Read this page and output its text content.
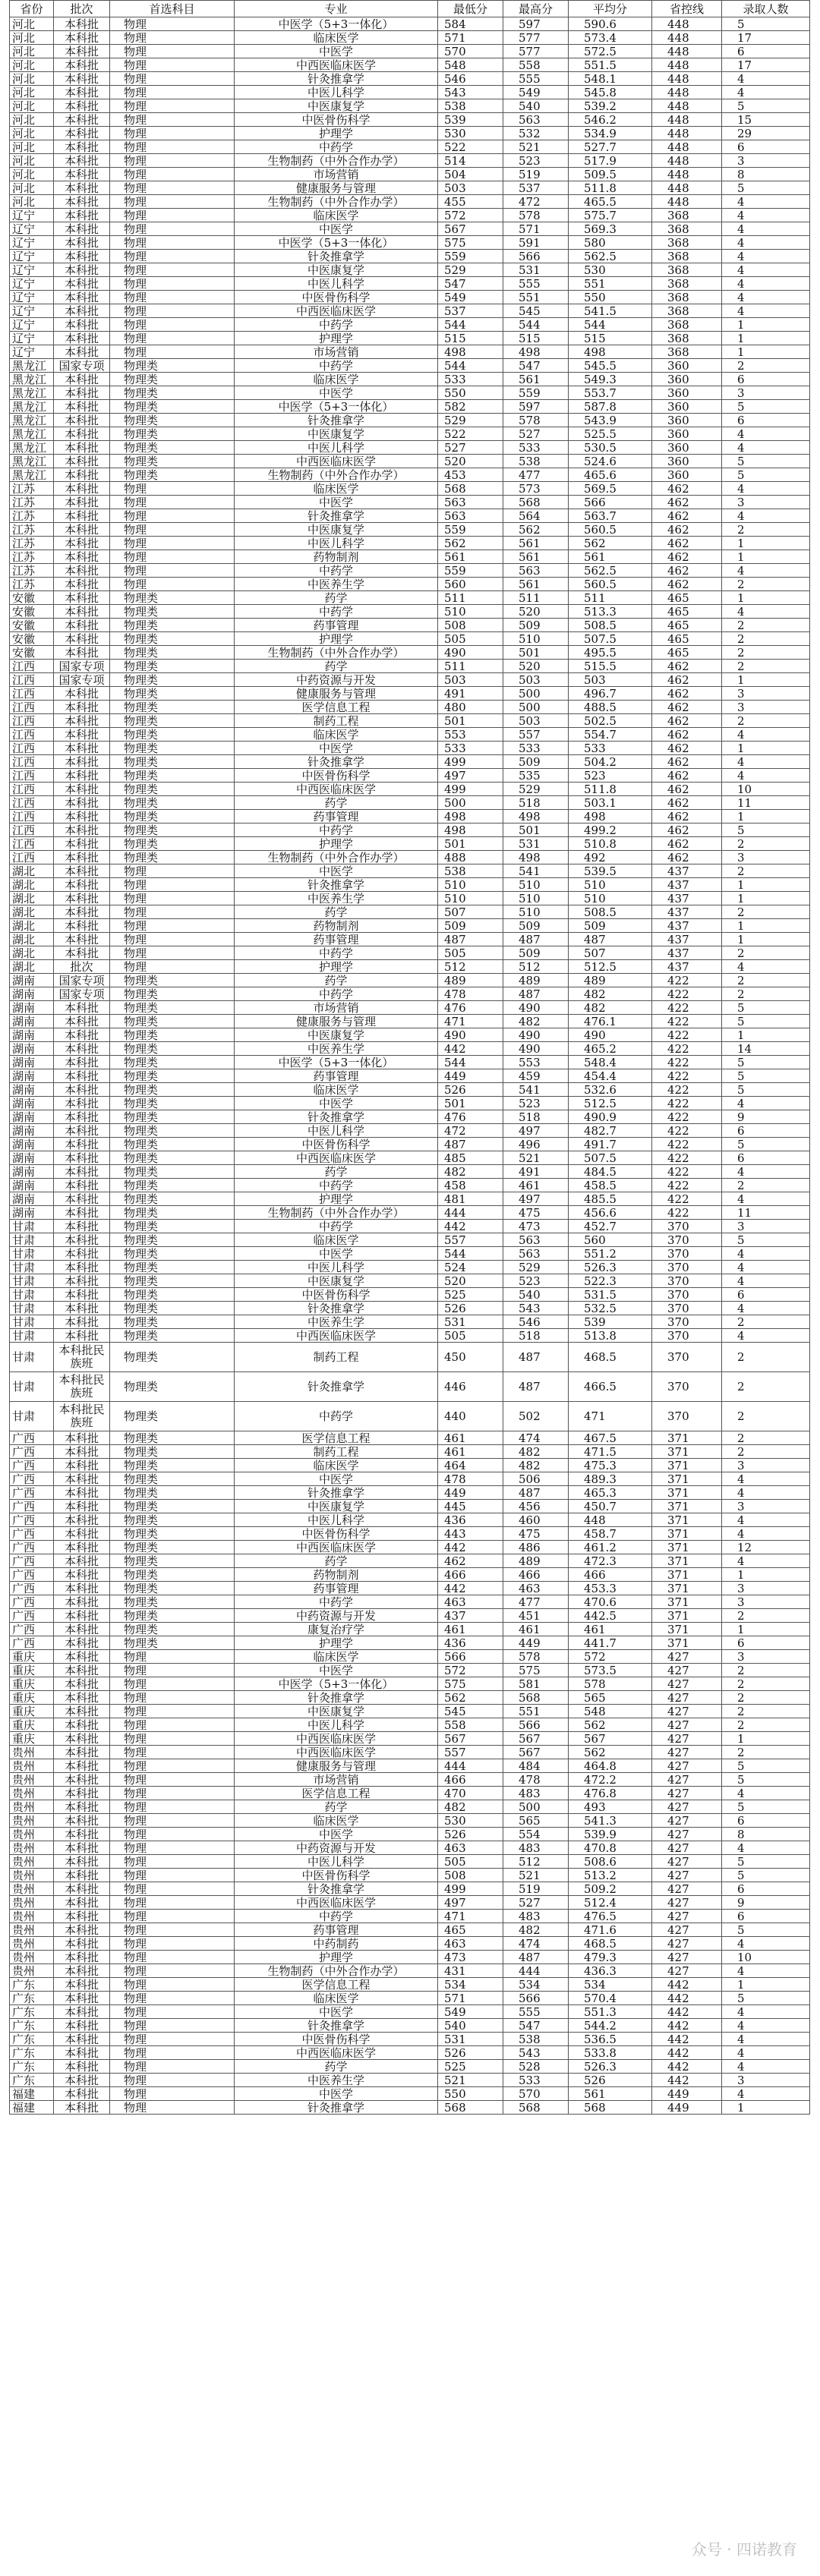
省份	批次	首选科目	专业	最低分	最高分	平均分	省控线	录取人数
河北	本科批	物理	中医学（5+3一体化）	584	597	590.6	448	5
河北	本科批	物理	临床医学	571	577	573.4	448	17
河北	本科批	物理	中医学	570	577	572.5	448	6
河北	本科批	物理	中西医临床医学	548	558	551.5	448	17
河北	本科批	物理	针灸推拿学	546	555	548.1	448	4
河北	本科批	物理	中医儿科学	543	549	545.8	448	4
河北	本科批	物理	中医康复学	538	540	539.2	448	5
河北	本科批	物理	中医骨伤科学	539	563	546.2	448	15
河北	本科批	物理	护理学	530	532	534.9	448	29
河北	本科批	物理	中药学	522	521	527.7	448	6
河北	本科批	物理	生物制药（中外合作办学）	514	523	517.9	448	3
河北	本科批	物理	市场营销	504	519	509.5	448	8
河北	本科批	物理	健康服务与管理	503	537	511.8	448	5
河北	本科批	物理	生物制药（中外合作办学）	455	472	465.5	448	4
辽宁	本科批	物理	临床医学	572	578	575.7	368	4
辽宁	本科批	物理	中医学	567	571	569.3	368	4
辽宁	本科批	物理	中医学（5+3一体化）	575	591	580	368	4
辽宁	本科批	物理	针灸推拿学	559	566	562.5	368	4
辽宁	本科批	物理	中医康复学	529	531	530	368	4
辽宁	本科批	物理	中医儿科学	547	555	551	368	4
辽宁	本科批	物理	中医骨伤科学	549	551	550	368	4
辽宁	本科批	物理	中西医临床医学	537	545	541.5	368	4
辽宁	本科批	物理	中药学	544	544	544	368	1
辽宁	本科批	物理	护理学	515	515	515	368	1
辽宁	本科批	物理	市场营销	498	498	498	368	1
黑龙江	国家专项	物理类	中药学	544	547	545.5	360	2
黑龙江	本科批	物理类	临床医学	533	561	549.3	360	6
黑龙江	本科批	物理类	中医学	550	559	553.7	360	3
黑龙江	本科批	物理类	中医学（5+3一体化）	582	597	587.8	360	5
黑龙江	本科批	物理类	针灸推拿学	529	578	543.9	360	6
黑龙江	本科批	物理类	中医康复学	522	527	525.5	360	4
黑龙江	本科批	物理类	中医儿科学	527	533	530.5	360	4
黑龙江	本科批	物理类	中西医临床医学	520	538	524.6	360	5
黑龙江	本科批	物理类	生物制药（中外合作办学）	453	477	465.6	360	5
江苏	本科批	物理	临床医学	568	573	569.5	462	4
江苏	本科批	物理	中医学	563	568	566	462	3
江苏	本科批	物理	针灸推拿学	563	564	563.7	462	4
江苏	本科批	物理	中医康复学	559	562	560.5	462	2
江苏	本科批	物理	中医儿科学	562	561	562	462	1
江苏	本科批	物理	药物制剂	561	561	561	462	1
江苏	本科批	物理	中药学	559	563	562.5	462	4
江苏	本科批	物理	中医养生学	560	561	560.5	462	2
安徽	本科批	物理类	药学	511	511	511	465	1
安徽	本科批	物理类	中药学	510	520	513.3	465	4
安徽	本科批	物理类	药事管理	508	509	508.5	465	2
安徽	本科批	物理类	护理学	505	510	507.5	465	2
安徽	本科批	物理类	生物制药（中外合作办学）	490	501	495.5	465	2
江西	国家专项	物理类	药学	511	520	515.5	462	2
江西	国家专项	物理类	中药资源与开发	503	503	503	462	1
江西	本科批	物理类	健康服务与管理	491	500	496.7	462	3
江西	本科批	物理类	医学信息工程	480	500	488.5	462	3
江西	本科批	物理类	制药工程	501	503	502.5	462	2
江西	本科批	物理类	临床医学	553	557	554.7	462	4
江西	本科批	物理类	中医学	533	533	533	462	1
江西	本科批	物理类	针灸推拿学	499	509	504.2	462	4
江西	本科批	物理类	中医骨伤科学	497	535	523	462	4
江西	本科批	物理类	中西医临床医学	499	529	511.8	462	10
江西	本科批	物理类	药学	500	518	503.1	462	11
江西	本科批	物理类	药事管理	498	498	498	462	1
江西	本科批	物理类	中药学	498	501	499.2	462	5
江西	本科批	物理类	护理学	501	531	510.8	462	2
江西	本科批	物理类	生物制药（中外合作办学）	488	498	492	462	3
湖北	本科批	物理	中医学	538	541	539.5	437	2
湖北	本科批	物理	针灸推拿学	510	510	510	437	1
湖北	本科批	物理	中医养生学	510	510	510	437	1
湖北	本科批	物理	药学	507	510	508.5	437	2
湖北	本科批	物理	药物制剂	509	509	509	437	1
湖北	本科批	物理	药事管理	487	487	487	437	1
湖北	本科批	物理	中药学	505	509	507	437	2
湖北	批次	物理	护理学	512	512	512.5	437	4
湖南	国家专项	物理类	药学	489	489	489	422	2
湖南	国家专项	物理类	中药学	478	487	482	422	2
湖南	本科批	物理类	市场营销	476	490	482	422	5
湖南	本科批	物理类	健康服务与管理	471	482	476.1	422	5
湖南	本科批	物理类	中医康复学	490	490	490	422	1
湖南	本科批	物理类	中医养生学	442	490	465.2	422	14
湖南	本科批	物理类	中医学（5+3一体化）	544	553	548.4	422	5
湖南	本科批	物理类	药事管理	449	459	454.4	422	5
湖南	本科批	物理类	临床医学	526	541	532.6	422	5
湖南	本科批	物理类	中医学	501	523	512.5	422	4
湖南	本科批	物理类	针灸推拿学	476	518	490.9	422	9
湖南	本科批	物理类	中医儿科学	472	497	482.7	422	6
湖南	本科批	物理类	中医骨伤科学	487	496	491.7	422	5
湖南	本科批	物理类	中西医临床医学	485	521	507.5	422	6
湖南	本科批	物理类	药学	482	491	484.5	422	4
湖南	本科批	物理类	中药学	458	461	458.5	422	2
湖南	本科批	物理类	护理学	481	497	485.5	422	4
湖南	本科批	物理类	生物制药（中外合作办学）	444	475	456.6	422	11
甘肃	本科批	物理类	中药学	442	473	452.7	370	3
甘肃	本科批	物理类	临床医学	557	563	560	370	5
甘肃	本科批	物理类	中医学	544	563	551.2	370	4
甘肃	本科批	物理类	中医儿科学	524	529	526.3	370	4
甘肃	本科批	物理类	中医康复学	520	523	522.3	370	4
甘肃	本科批	物理类	中医骨伤科学	525	540	531.5	370	6
甘肃	本科批	物理类	针灸推拿学	526	543	532.5	370	4
甘肃	本科批	物理类	中医养生学	531	546	539	370	2
甘肃	本科批	物理类	中西医临床医学	505	518	513.8	370	4
甘肃	本科批民族班	物理类	制药工程	450	487	468.5	370	2
甘肃	本科批民族班	物理类	针灸推拿学	446	487	466.5	370	2
甘肃	本科批民族班	物理类	中药学	440	502	471	370	2
广西	本科批	物理类	医学信息工程	461	474	467.5	371	2
广西	本科批	物理类	制药工程	461	482	471.5	371	2
广西	本科批	物理类	临床医学	464	482	475.3	371	3
广西	本科批	物理类	中医学	478	506	489.3	371	4
广西	本科批	物理类	针灸推拿学	449	487	465.3	371	4
广西	本科批	物理类	中医康复学	445	456	450.7	371	3
广西	本科批	物理类	中医儿科学	436	460	448	371	4
广西	本科批	物理类	中医骨伤科学	443	475	458.7	371	4
广西	本科批	物理类	中西医临床医学	442	486	461.2	371	12
广西	本科批	物理类	药学	462	489	472.3	371	4
广西	本科批	物理类	药物制剂	466	466	466	371	1
广西	本科批	物理类	药事管理	442	463	453.3	371	3
广西	本科批	物理类	中药学	463	477	470.6	371	3
广西	本科批	物理类	中药资源与开发	437	451	442.5	371	2
广西	本科批	物理类	康复治疗学	461	461	461	371	1
广西	本科批	物理类	护理学	436	449	441.7	371	6
重庆	本科批	物理	临床医学	566	578	572	427	3
重庆	本科批	物理	中医学	572	575	573.5	427	2
重庆	本科批	物理	中医学（5+3一体化）	575	581	578	427	2
重庆	本科批	物理	针灸推拿学	562	568	565	427	2
重庆	本科批	物理	中医康复学	545	551	548	427	2
重庆	本科批	物理	中医儿科学	558	566	562	427	2
重庆	本科批	物理	中西医临床医学	567	567	567	427	1
贵州	本科批	物理	中西医临床医学	557	567	562	427	2
贵州	本科批	物理	健康服务与管理	444	484	464.8	427	5
贵州	本科批	物理	市场营销	466	478	472.2	427	5
贵州	本科批	物理	医学信息工程	470	483	476.8	427	4
贵州	本科批	物理	药学	482	500	493	427	5
贵州	本科批	物理	临床医学	530	565	541.3	427	6
贵州	本科批	物理	中医学	526	554	539.9	427	8
贵州	本科批	物理	中药资源与开发	463	483	470.8	427	4
贵州	本科批	物理	中医儿科学	505	512	508.6	427	5
贵州	本科批	物理	中医骨伤科学	508	521	513.2	427	5
贵州	本科批	物理	针灸推拿学	499	519	509.2	427	6
贵州	本科批	物理	中西医临床医学	497	527	512.4	427	9
贵州	本科批	物理	中药学	471	483	476.5	427	6
贵州	本科批	物理	药事管理	465	482	471.6	427	5
贵州	本科批	物理	中药制药	463	474	468.5	427	4
贵州	本科批	物理	护理学	473	487	479.3	427	10
贵州	本科批	物理	生物制药（中外合作办学）	431	444	436.3	427	4
广东	本科批	物理	医学信息工程	534	534	534	442	1
广东	本科批	物理	临床医学	571	566	570.4	442	5
广东	本科批	物理	中医学	549	555	551.3	442	4
广东	本科批	物理	针灸推拿学	540	547	544.2	442	4
广东	本科批	物理	中医骨伤科学	531	538	536.5	442	4
广东	本科批	物理	中西医临床医学	526	543	533.8	442	4
广东	本科批	物理	药学	525	528	526.3	442	4
广东	本科批	物理	中医养生学	521	533	526	442	3
福建	本科批	物理	中医学	550	570	561	449	4
福建	本科批	物理	针灸推拿学	568	568	568	449	1
众号 · 四诺教育
